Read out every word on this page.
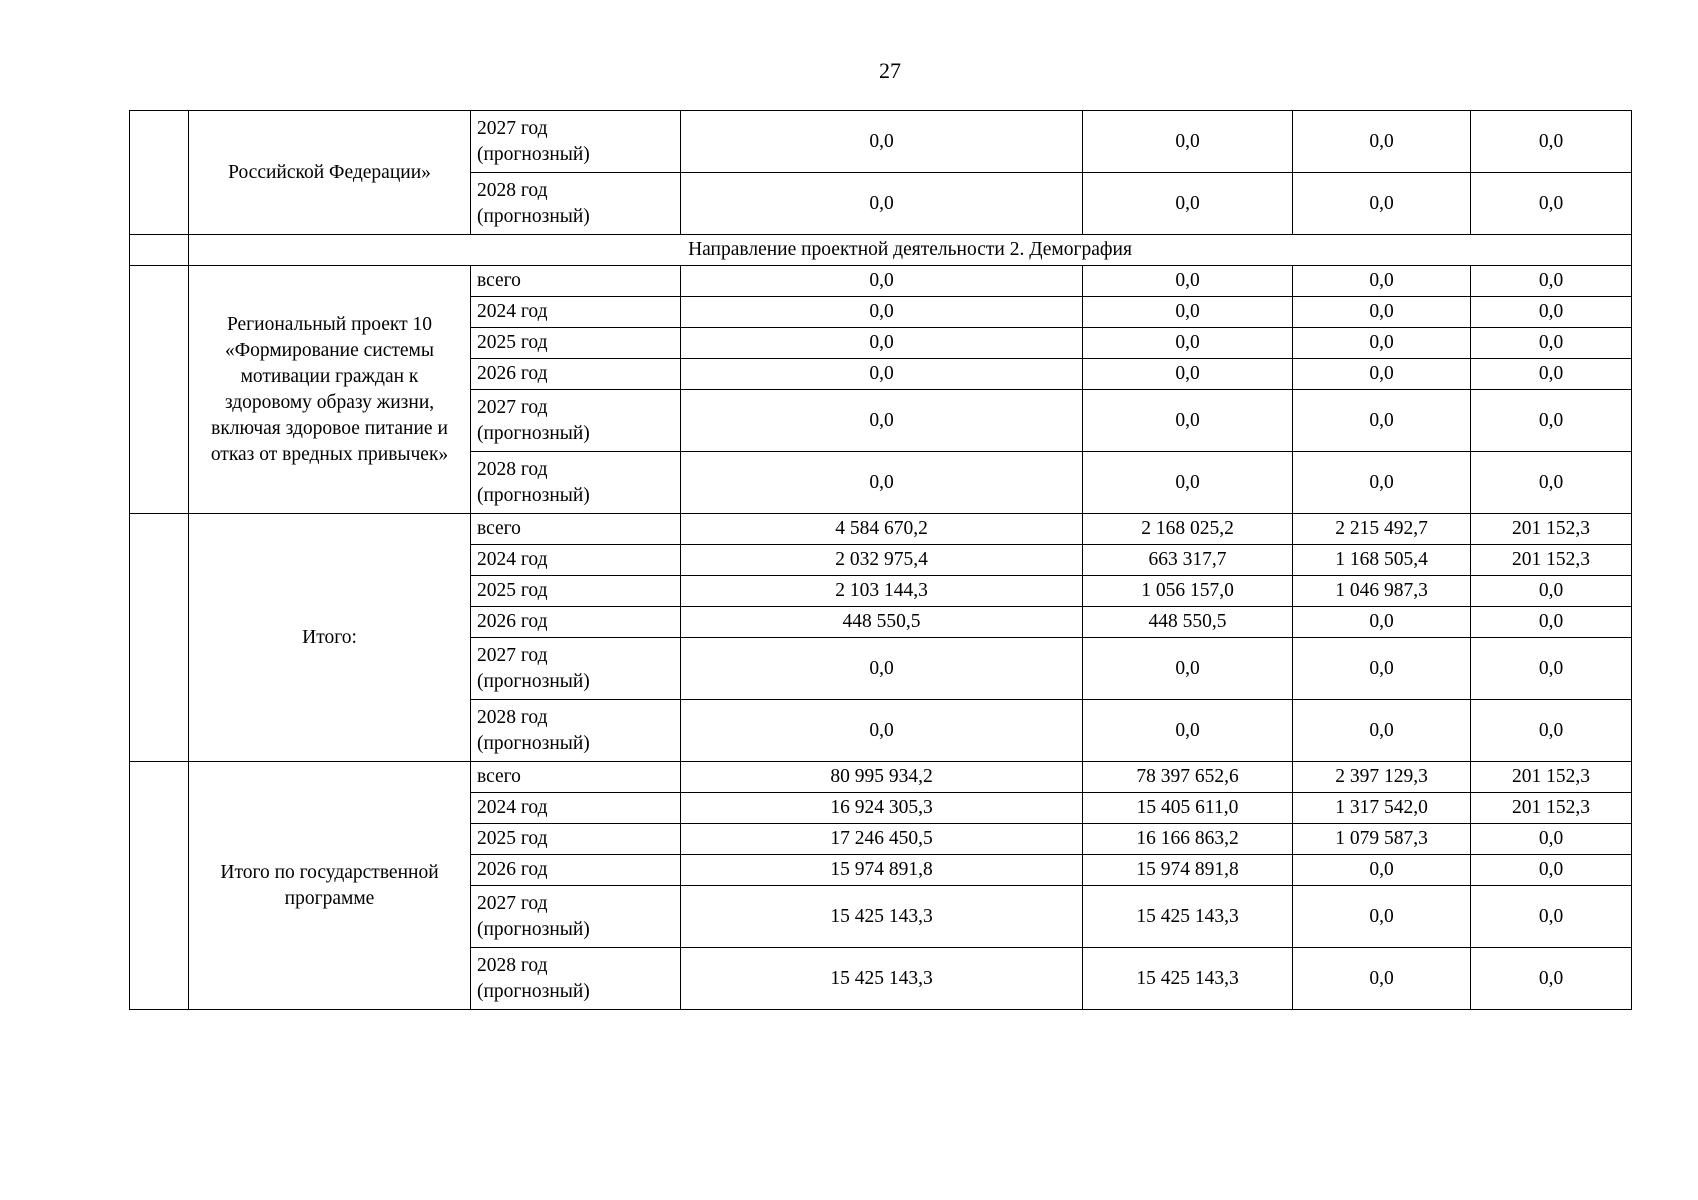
27
	Российской Федерации»	2027 год
(прогнозный)	0,0	0,0	0,0	0,0
		2028 год
(прогнозный)	0,0	0,0	0,0	0,0
	Направление проектной деятельности 2. Демография					
	Региональный проект 10 «Формирование системы мотивации граждан к здоровому образу жизни, включая здоровое питание и отказ от вредных привычек»	всего	0,0	0,0	0,0	0,0
		2024 год	0,0	0,0	0,0	0,0
		2025 год	0,0	0,0	0,0	0,0
		2026 год	0,0	0,0	0,0	0,0
		2027 год
(прогнозный)	0,0	0,0	0,0	0,0
		2028 год
(прогнозный)	0,0	0,0	0,0	0,0
	Итого:	всего	4 584 670,2	2 168 025,2	2 215 492,7	201 152,3
		2024 год	2 032 975,4	663 317,7	1 168 505,4	201 152,3
		2025 год	2 103 144,3	1 056 157,0	1 046 987,3	0,0
		2026 год	448 550,5	448 550,5	0,0	0,0
		2027 год
(прогнозный)	0,0	0,0	0,0	0,0
		2028 год
(прогнозный)	0,0	0,0	0,0	0,0
	Итого по государственной программе	всего	80 995 934,2	78 397 652,6	2 397 129,3	201 152,3
		2024 год	16 924 305,3	15 405 611,0	1 317 542,0	201 152,3
		2025 год	17 246 450,5	16 166 863,2	1 079 587,3	0,0
		2026 год	15 974 891,8	15 974 891,8	0,0	0,0
		2027 год
(прогнозный)	15 425 143,3	15 425 143,3	0,0	0,0
		2028 год
(прогнозный)	15 425 143,3	15 425 143,3	0,0	0,0
